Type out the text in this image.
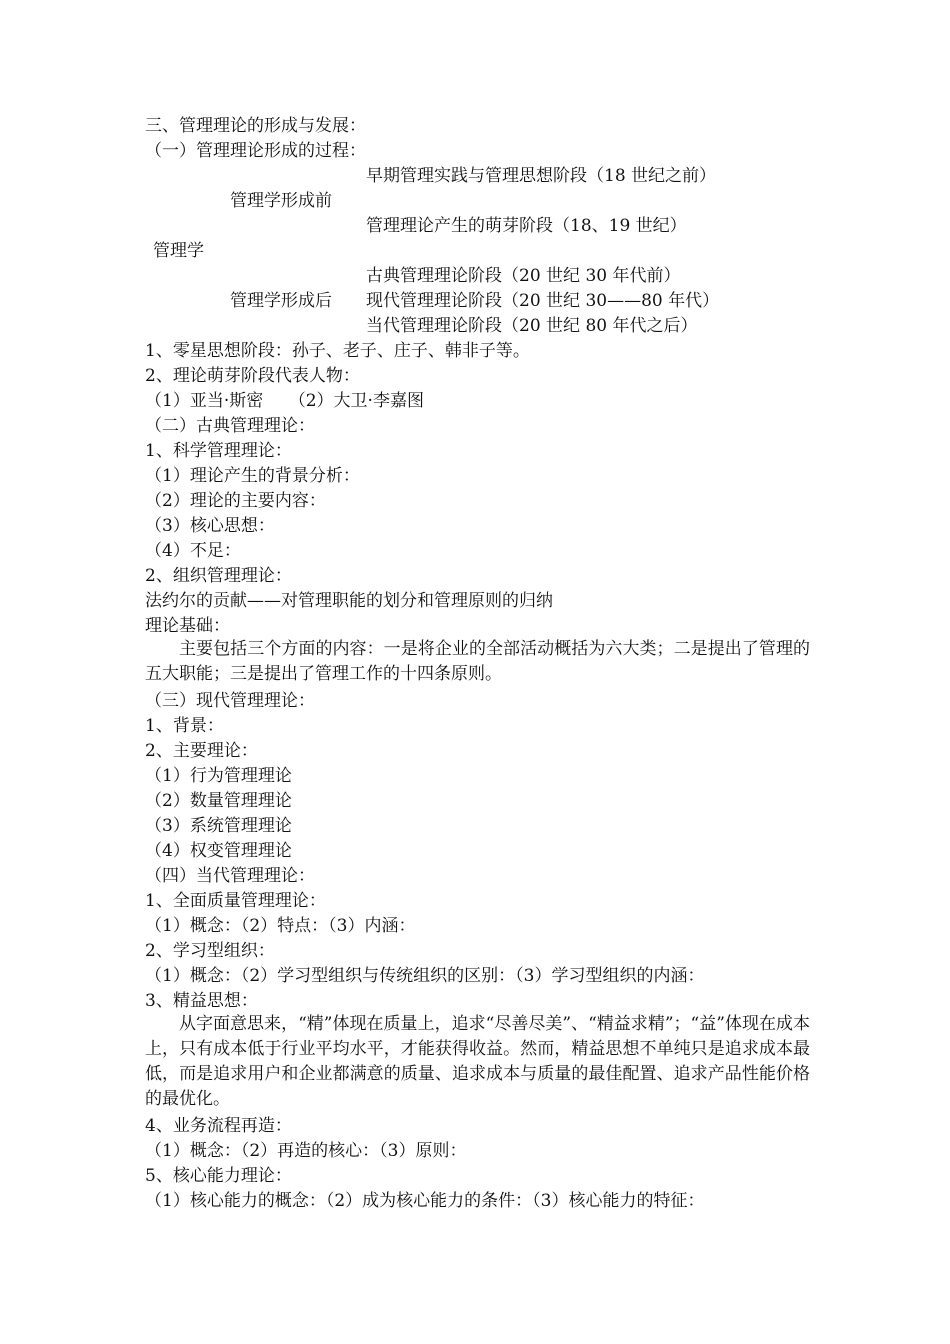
三、管理理论的形成与发展：
（一）管理理论形成的过程：
早期管理实践与管理思想阶段（18 世纪之前）
管理学形成前
管理理论产生的萌芽阶段（18、19 世纪）
管理学
古典管理理论阶段（20 世纪 30 年代前）
管理学形成后 现代管理理论阶段（20 世纪 30——80 年代）
当代管理理论阶段（20 世纪 80 年代之后）
1、零星思想阶段：孙子、老子、庄子、韩非子等。
2、理论萌芽阶段代表人物：
（1）亚当·斯密　　（2）大卫·李嘉图
（二）古典管理理论：
1、科学管理理论：
（1）理论产生的背景分析：
（2）理论的主要内容：
（3）核心思想：
（4）不足：
2、组织管理理论：
法约尔的贡献——对管理职能的划分和管理原则的归纳
理论基础：
主要包括三个方面的内容：一是将企业的全部活动概括为六大类；二是提出了管理的五大职能；三是提出了管理工作的十四条原则。
（三）现代管理理论：
1、背景：
2、主要理论：
（1）行为管理理论
（2）数量管理理论
（3）系统管理理论
（4）权变管理理论
（四）当代管理理论：
1、全面质量管理理论：
（1）概念：（2）特点：（3）内涵：
2、学习型组织：
（1）概念：（2）学习型组织与传统组织的区别：（3）学习型组织的内涵：
3、精益思想：
从字面意思来，“精”体现在质量上，追求“尽善尽美”、“精益求精”；“益”体现在成本上，只有成本低于行业平均水平，才能获得收益。然而，精益思想不单纯只是追求成本最低，而是追求用户和企业都满意的质量、追求成本与质量的最佳配置、追求产品性能价格的最优化。
4、业务流程再造：
（1）概念：（2）再造的核心：（3）原则：
5、核心能力理论：
（1）核心能力的概念：（2）成为核心能力的条件：（3）核心能力的特征：
